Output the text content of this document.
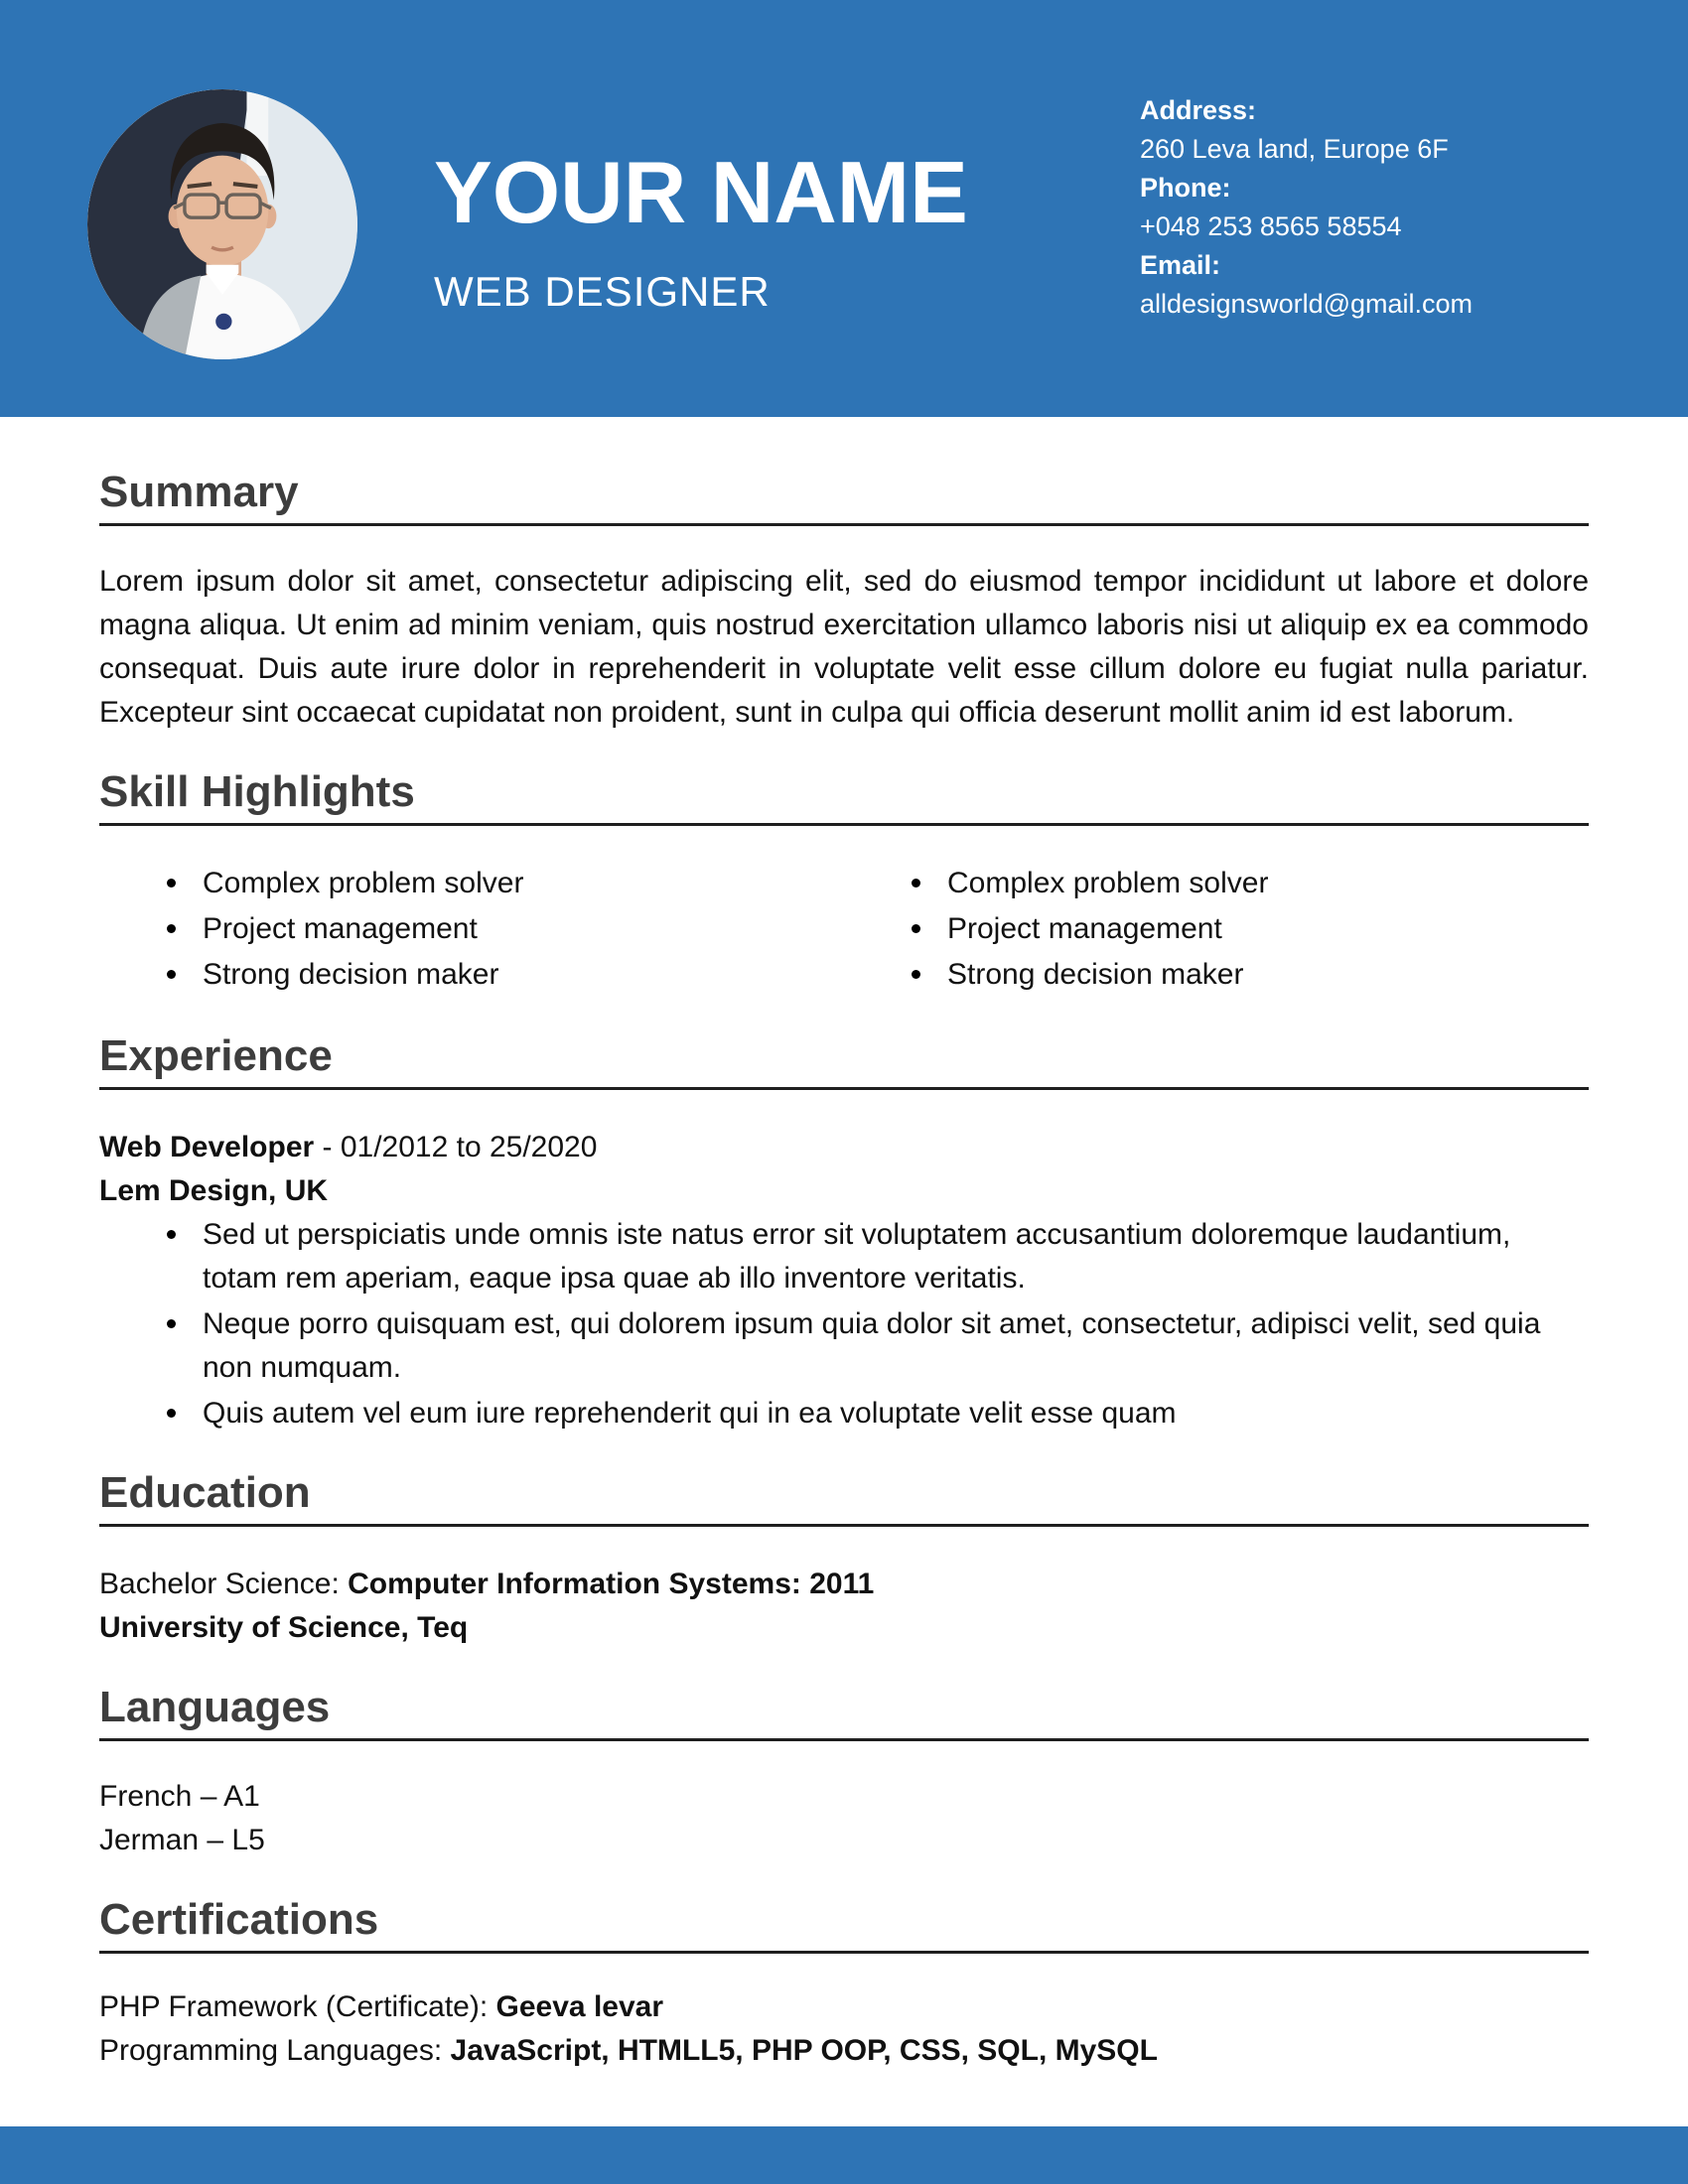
YOUR NAME
WEB DESIGNER
Address:
260 Leva land, Europe 6F
Phone:
+048 253 8565 58554
Email:
alldesignsworld@gmail.com
Summary

Lorem ipsum dolor sit amet, consectetur adipiscing elit, sed do eiusmod tempor incididunt ut labore et dolore magna aliqua. Ut enim ad minim veniam, quis nostrud exercitation ullamco laboris nisi ut aliquip ex ea commodo consequat. Duis aute irure dolor in reprehenderit in voluptate velit esse cillum dolore eu fugiat nulla pariatur. Excepteur sint occaecat cupidatat non proident, sunt in culpa qui officia deserunt mollit anim id est laborum.

Skill Highlights
Complex problem solver
Project management
Strong decision maker
Complex problem solver
Project management
Strong decision maker
Experience
Web Developer - 01/2012 to 25/2020
Lem Design, UK
Sed ut perspiciatis unde omnis iste natus error sit voluptatem accusantium doloremque laudantium, totam rem aperiam, eaque ipsa quae ab illo inventore veritatis.
Neque porro quisquam est, qui dolorem ipsum quia dolor sit amet, consectetur, adipisci velit, sed quia non numquam.
Quis autem vel eum iure reprehenderit qui in ea voluptate velit esse quam
Education
Bachelor Science: Computer Information Systems: 2011
University of Science, Teq
Languages
French – A1
Jerman – L5
Certifications
PHP Framework (Certificate): Geeva levar
Programming Languages: JavaScript, HTMLL5, PHP OOP, CSS, SQL, MySQL
